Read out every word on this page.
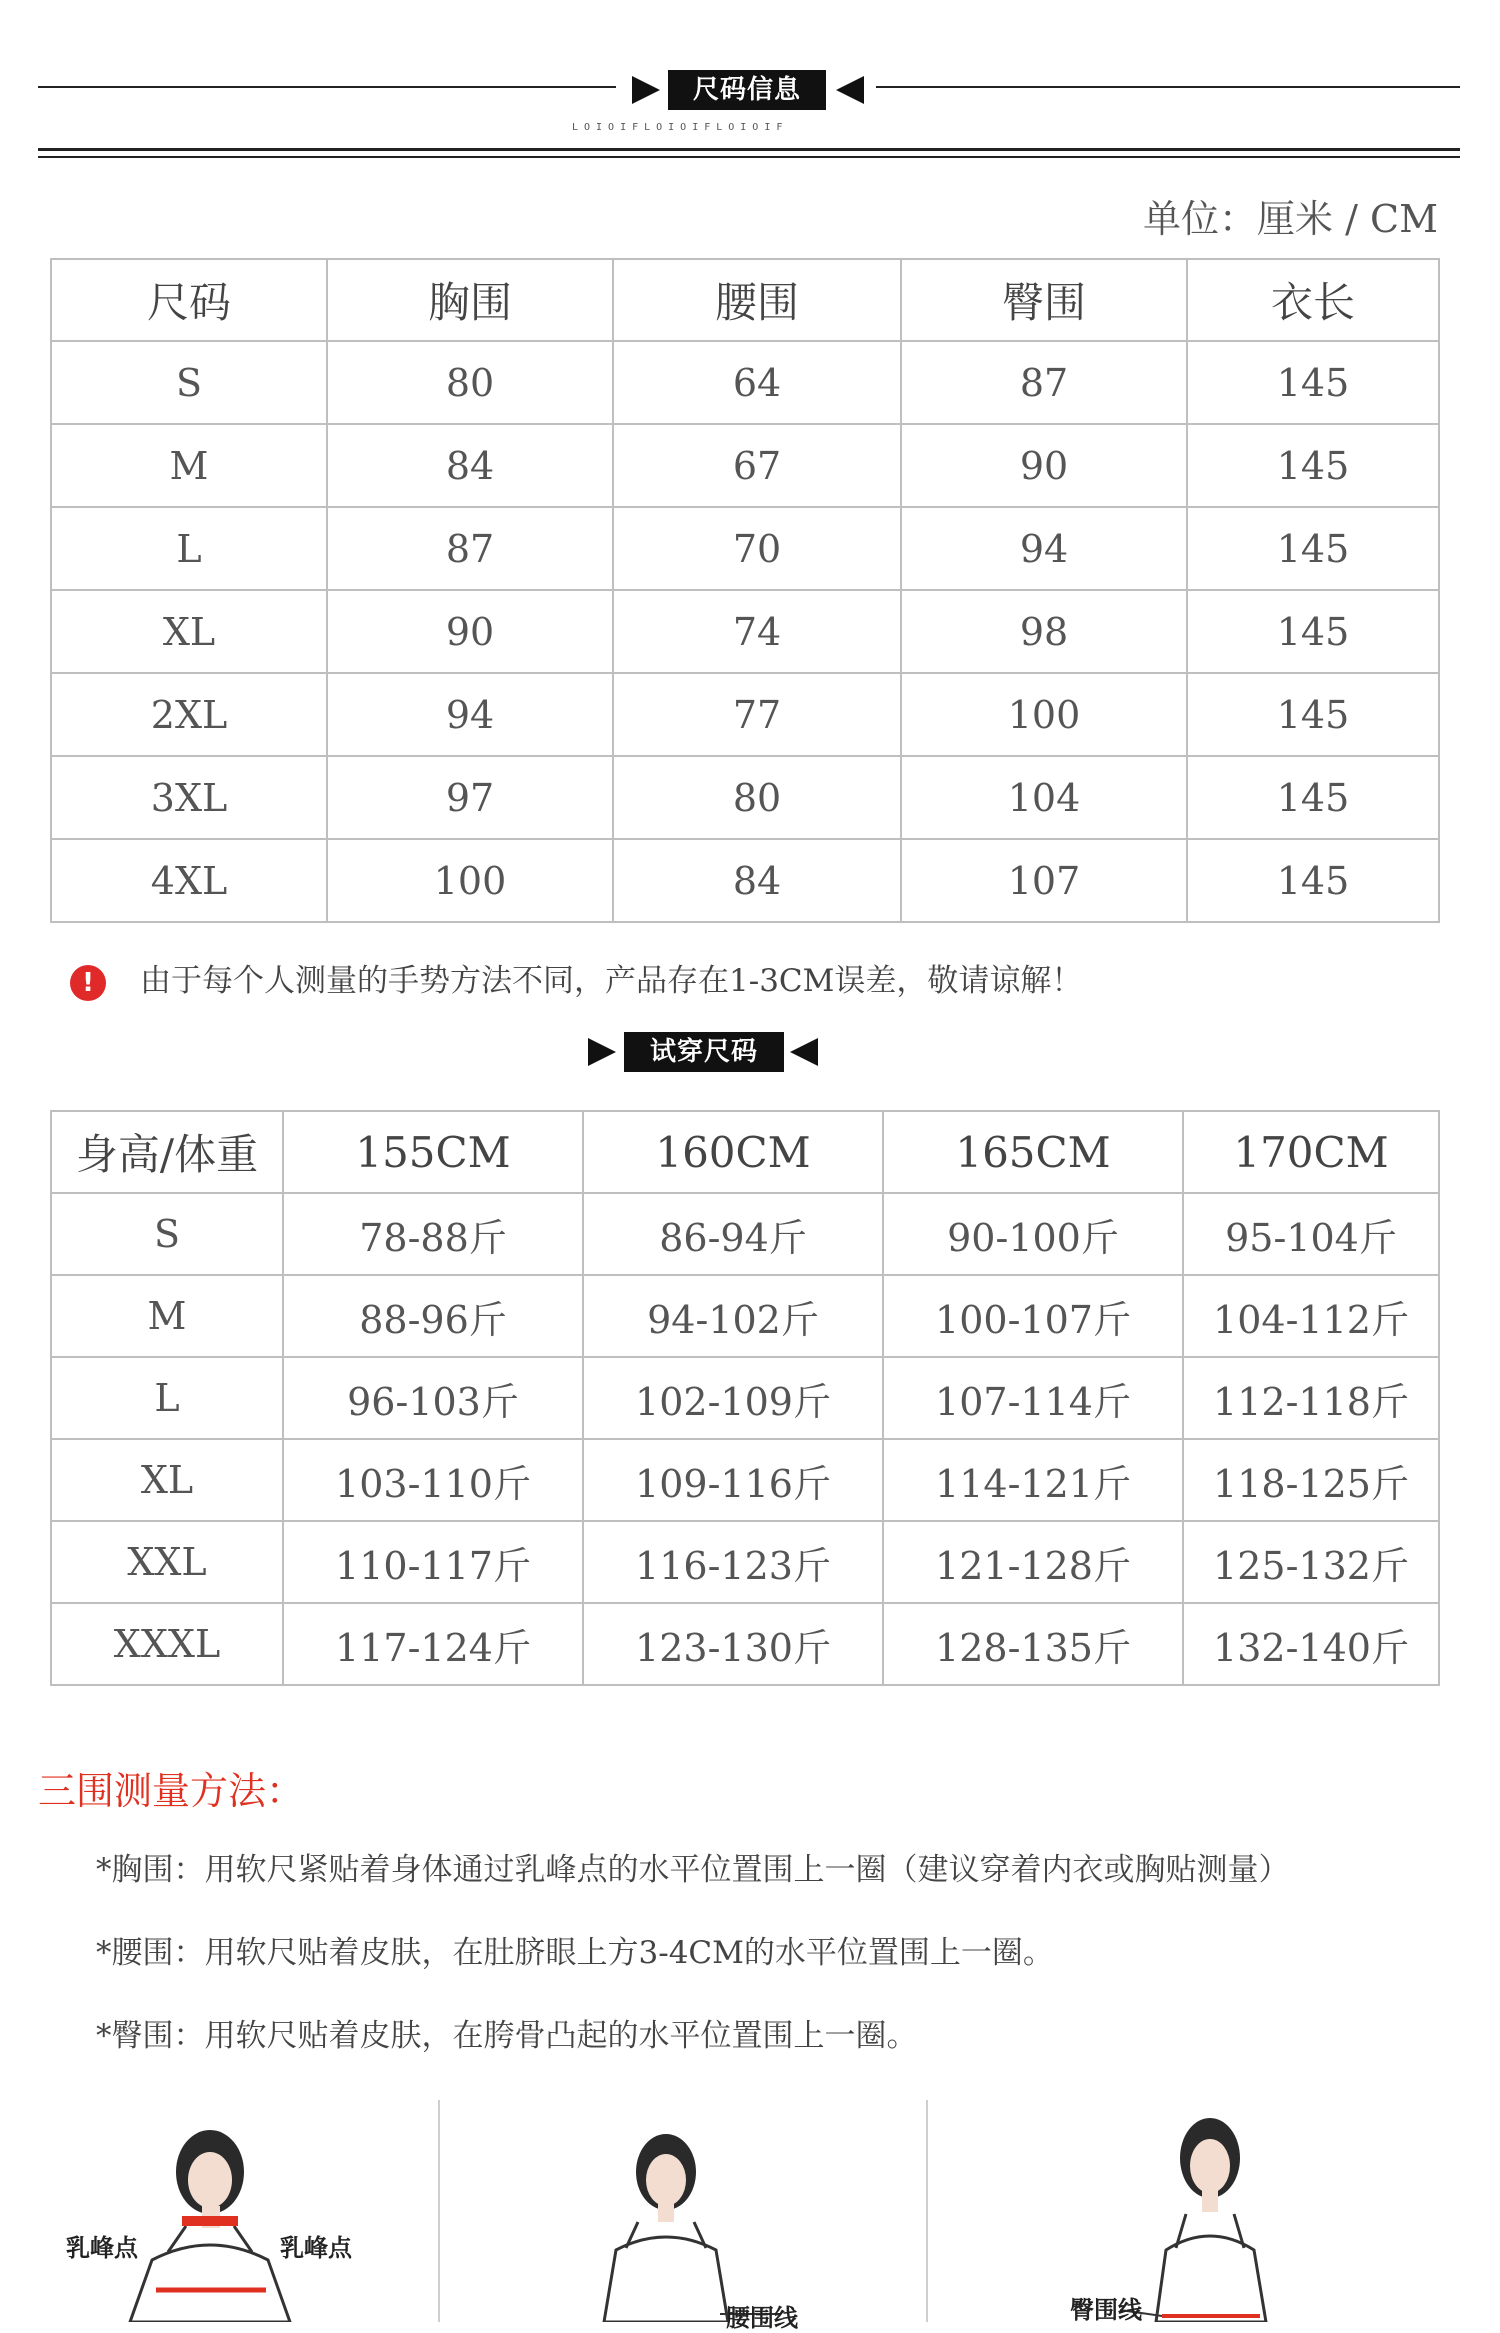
尺码信息
LOIOIFLOIOIFLOIOIF
单位：厘米 / CM
尺码	胸围	腰围	臀围	衣长
S	80	64	87	145
M	84	67	90	145
L	87	70	94	145
XL	90	74	98	145
2XL	94	77	100	145
3XL	97	80	104	145
4XL	100	84	107	145
! 由于每个人测量的手势方法不同，产品存在1-3CM误差，敬请谅解！
试穿尺码
身高/体重	155CM	160CM	165CM	170CM
S	78-88斤	86-94斤	90-100斤	95-104斤
M	88-96斤	94-102斤	100-107斤	104-112斤
L	96-103斤	102-109斤	107-114斤	112-118斤
XL	103-110斤	109-116斤	114-121斤	118-125斤
XXL	110-117斤	116-123斤	121-128斤	125-132斤
XXXL	117-124斤	123-130斤	128-135斤	132-140斤
三围测量方法：
*胸围：用软尺紧贴着身体通过乳峰点的水平位置围上一圈（建议穿着内衣或胸贴测量）
*腰围：用软尺贴着皮肤，在肚脐眼上方3-4CM的水平位置围上一圈。
*臀围：用软尺贴着皮肤，在胯骨凸起的水平位置围上一圈。
乳峰点	乳峰点
腰围线	臀围线
